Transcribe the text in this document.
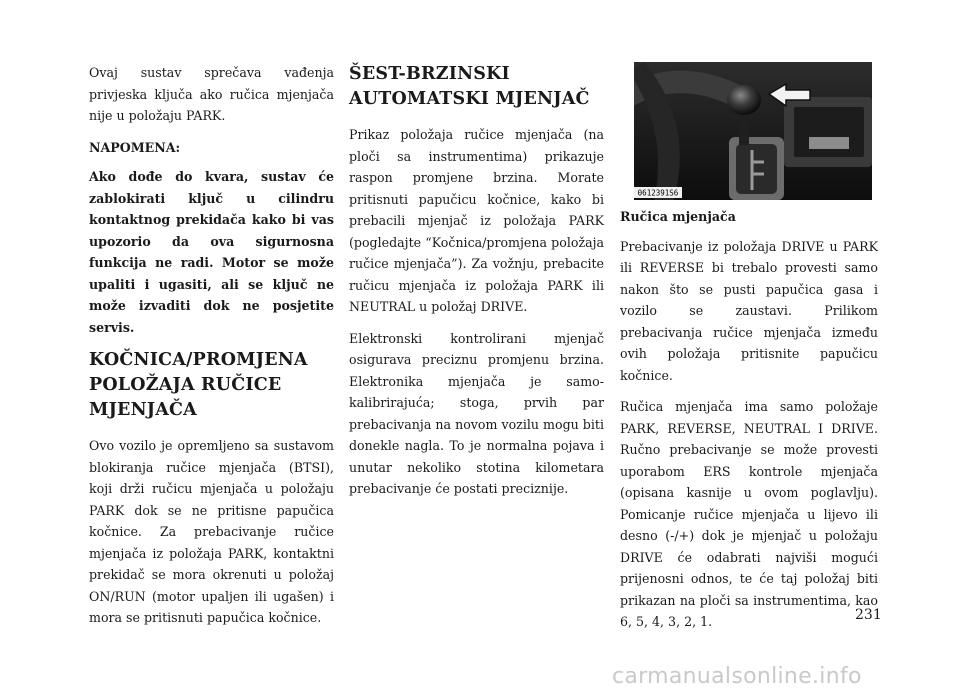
Ovaj sustav sprečava vađenja privjeska ključa ako ručica mjenjača nije u položaju PARK.

NAPOMENA:

Ako dođe do kvara, sustav će zablokirati ključ u cilindru kontaktnog prekidača kako bi vas upozorio da ova sigurnosna funkcija ne radi. Motor se može upaliti i ugasiti, ali se ključ ne može izvaditi dok ne posjetite servis.

KOČNICA/PROMJENA POLOŽAJA RUČICE MJENJAČA

Ovo vozilo je opremljeno sa sustavom blokiranja ručice mjenjača (BTSI), koji drži ručicu mjenjača u položaju PARK dok se ne pritisne papučica kočnice. Za prebacivanje ručice mjenjača iz položaja PARK, kontaktni prekidač se mora okrenuti u položaj ON/RUN (motor upaljen ili ugašen) i mora se pritisnuti papučica kočnice.

ŠEST-BRZINSKI AUTOMATSKI MJENJAČ

Prikaz položaja ručice mjenjača (na ploči sa instrumentima) prikazuje raspon promjene brzina. Morate pritisnuti papučicu kočnice, kako bi prebacili mjenjač iz položaja PARK (pogledajte “Kočnica/promjena položaja ručice mjenjača”). Za vožnju, prebacite ručicu mjenjača iz položaja PARK ili NEUTRAL u položaj DRIVE.

Elektronski kontrolirani mjenjač osigurava preciznu promjenu brzina. Elektronika mjenjača je samo-kalibrirajuća; stoga, prvih par prebacivanja na novom vozilu mogu biti donekle nagla. To je normalna pojava i unutar nekoliko stotina kilometara prebacivanje će postati preciznije.

0612391S6

Ručica mjenjača

Prebacivanje iz položaja DRIVE u PARK ili REVERSE bi trebalo provesti samo nakon što se pusti papučica gasa i vozilo se zaustavi. Prilikom prebacivanja ručice mjenjača između ovih položaja pritisnite papučicu kočnice.

Ručica mjenjača ima samo položaje PARK, REVERSE, NEUTRAL I DRIVE. Ručno prebacivanje se može provesti uporabom ERS kontrole mjenjača (opisana kasnije u ovom poglavlju). Pomicanje ručice mjenjača u lijevo ili desno (-/+) dok je mjenjač u položaju DRIVE će odabrati najviši mogući prijenosni odnos, te će taj položaj biti prikazan na ploči sa instrumentima, kao 6, 5, 4, 3, 2, 1.	231
carmanualsonline.info
